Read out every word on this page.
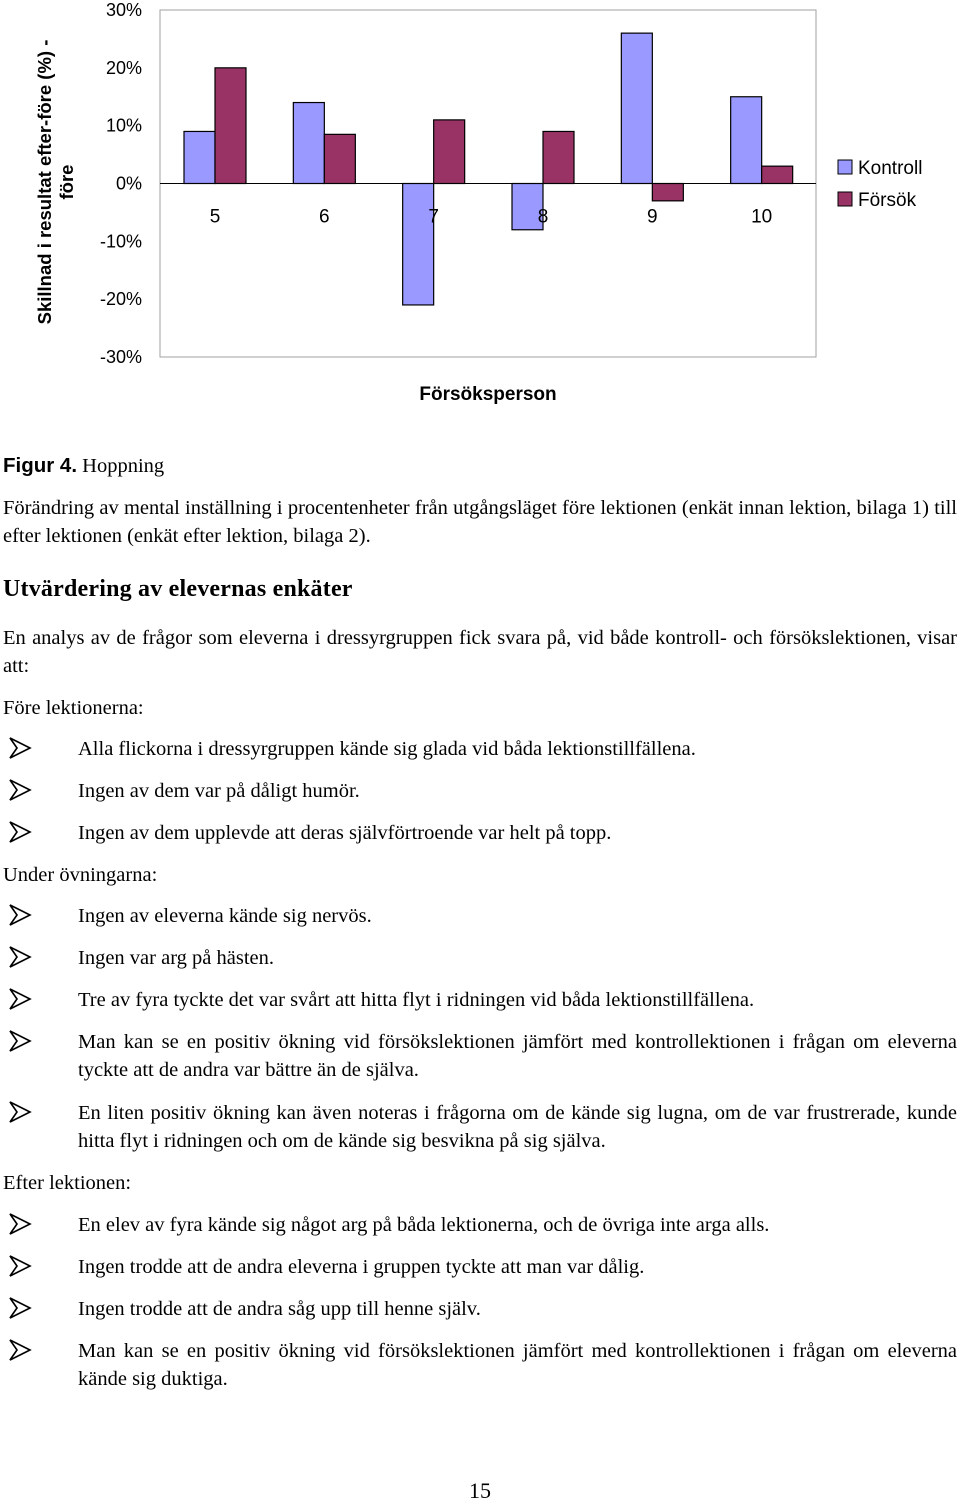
Skillnad i resultat efter-före (%) - före
30%
20%
10%
0%
-10%
-20%
-30%
5	6	7	8	9	10
Försöksperson
Kontroll
Försök
Figur 4. Hoppning
Förändring av mental inställning i procentenheter från utgångsläget före lektionen (enkät innan lektion, bilaga 1) till efter lektionen (enkät efter lektion, bilaga 2).
Utvärdering av elevernas enkäter
En analys av de frågor som eleverna i dressyrgruppen fick svara på, vid både kontroll- och försökslektionen, visar att:
Före lektionerna:
Alla flickorna i dressyrgruppen kände sig glada vid båda lektionstillfällena.
Ingen av dem var på dåligt humör.
Ingen av dem upplevde att deras självförtroende var helt på topp.
Under övningarna:
Ingen av eleverna kände sig nervös.
Ingen var arg på hästen.
Tre av fyra tyckte det var svårt att hitta flyt i ridningen vid båda lektionstillfällena.
Man kan se en positiv ökning vid försökslektionen jämfört med kontrollektionen i frågan om eleverna tyckte att de andra var bättre än de själva.
En liten positiv ökning kan även noteras i frågorna om de kände sig lugna, om de var frustrerade, kunde hitta flyt i ridningen och om de kände sig besvikna på sig själva.
Efter lektionen:
En elev av fyra kände sig något arg på båda lektionerna, och de övriga inte arga alls.
Ingen trodde att de andra eleverna i gruppen tyckte att man var dålig.
Ingen trodde att de andra såg upp till henne själv.
Man kan se en positiv ökning vid försökslektionen jämfört med kontrollektionen i frågan om eleverna kände sig duktiga.
15
